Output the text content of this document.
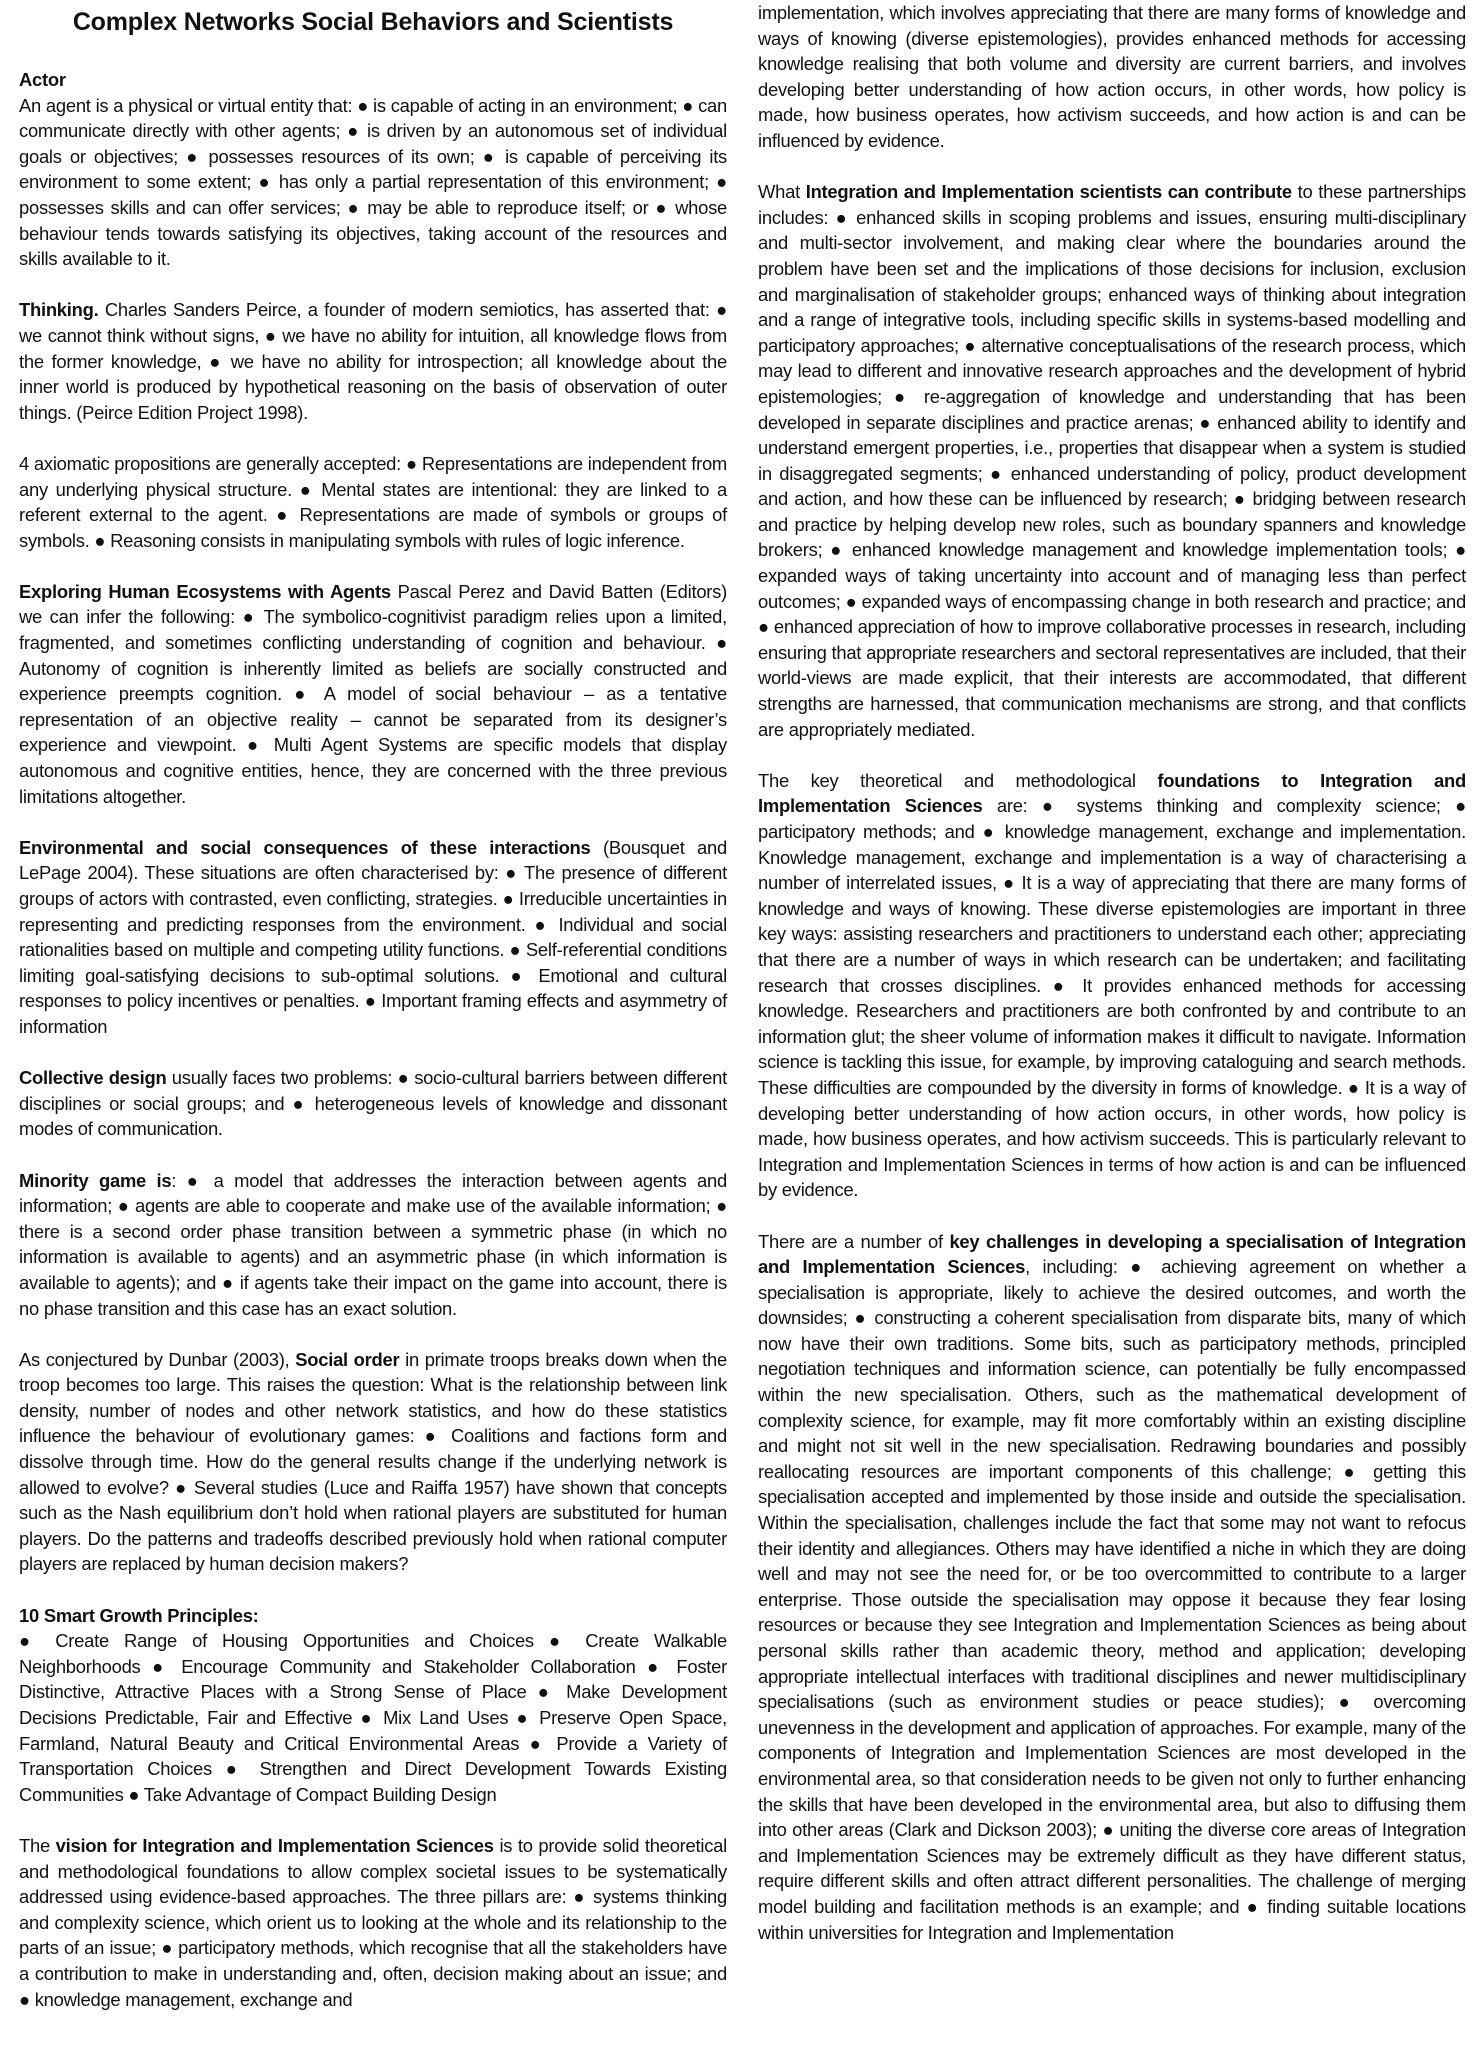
Complex Networks Social Behaviors and Scientists

Actor
An agent is a physical or virtual entity that: ● is capable of acting in an environment; ● can communicate directly with other agents; ● is driven by an autonomous set of individual goals or objectives; ● possesses resources of its own; ● is capable of perceiving its environment to some extent; ● has only a partial representation of this environment; ● possesses skills and can offer services; ● may be able to reproduce itself; or ● whose behaviour tends towards satisfying its objectives, taking account of the resources and skills available to it.

Thinking. Charles Sanders Peirce, a founder of modern semiotics, has asserted that: ● we cannot think without signs, ● we have no ability for intuition, all knowledge flows from the former knowledge, ● we have no ability for introspection; all knowledge about the inner world is produced by hypothetical reasoning on the basis of observation of outer things. (Peirce Edition Project 1998).

4 axiomatic propositions are generally accepted: ● Representations are independent from any underlying physical structure. ● Mental states are intentional: they are linked to a referent external to the agent. ● Representations are made of symbols or groups of symbols. ● Reasoning consists in manipulating symbols with rules of logic inference.

Exploring Human Ecosystems with Agents Pascal Perez and David Batten (Editors) we can infer the following: ● The symbolico-cognitivist paradigm relies upon a limited, fragmented, and sometimes conflicting understanding of cognition and behaviour. ● Autonomy of cognition is inherently limited as beliefs are socially constructed and experience preempts cognition. ● A model of social behaviour – as a tentative representation of an objective reality – cannot be separated from its designer’s experience and viewpoint. ● Multi Agent Systems are specific models that display autonomous and cognitive entities, hence, they are concerned with the three previous limitations altogether.

Environmental and social consequences of these interactions (Bousquet and LePage 2004). These situations are often characterised by: ● The presence of different groups of actors with contrasted, even conflicting, strategies. ● Irreducible uncertainties in representing and predicting responses from the environment. ● Individual and social rationalities based on multiple and competing utility functions. ● Self-referential conditions limiting goal-satisfying decisions to sub-optimal solutions. ● Emotional and cultural responses to policy incentives or penalties. ● Important framing effects and asymmetry of information

Collective design usually faces two problems: ● socio-cultural barriers between different disciplines or social groups; and ● heterogeneous levels of knowledge and dissonant modes of communication.

Minority game is: ● a model that addresses the interaction between agents and information; ● agents are able to cooperate and make use of the available information; ● there is a second order phase transition between a symmetric phase (in which no information is available to agents) and an asymmetric phase (in which information is available to agents); and ● if agents take their impact on the game into account, there is no phase transition and this case has an exact solution.

As conjectured by Dunbar (2003), Social order in primate troops breaks down when the troop becomes too large. This raises the question: What is the relationship between link density, number of nodes and other network statistics, and how do these statistics influence the behaviour of evolutionary games: ● Coalitions and factions form and dissolve through time. How do the general results change if the underlying network is allowed to evolve? ● Several studies (Luce and Raiffa 1957) have shown that concepts such as the Nash equilibrium don’t hold when rational players are substituted for human players. Do the patterns and tradeoffs described previously hold when rational computer players are replaced by human decision makers?

10 Smart Growth Principles:
● Create Range of Housing Opportunities and Choices ● Create Walkable Neighborhoods ● Encourage Community and Stakeholder Collaboration ● Foster Distinctive, Attractive Places with a Strong Sense of Place ● Make Development Decisions Predictable, Fair and Effective ● Mix Land Uses ● Preserve Open Space, Farmland, Natural Beauty and Critical Environmental Areas ● Provide a Variety of Transportation Choices ● Strengthen and Direct Development Towards Existing Communities ● Take Advantage of Compact Building Design

The vision for Integration and Implementation Sciences is to provide solid theoretical and methodological foundations to allow complex societal issues to be systematically addressed using evidence-based approaches. The three pillars are: ● systems thinking and complexity science, which orient us to looking at the whole and its relationship to the parts of an issue; ● participatory methods, which recognise that all the stakeholders have a contribution to make in understanding and, often, decision making about an issue; and ● knowledge management, exchange and

implementation, which involves appreciating that there are many forms of knowledge and ways of knowing (diverse epistemologies), provides enhanced methods for accessing knowledge realising that both volume and diversity are current barriers, and involves developing better understanding of how action occurs, in other words, how policy is made, how business operates, how activism succeeds, and how action is and can be influenced by evidence.

What Integration and Implementation scientists can contribute to these partnerships includes: ● enhanced skills in scoping problems and issues, ensuring multi-disciplinary and multi-sector involvement, and making clear where the boundaries around the problem have been set and the implications of those decisions for inclusion, exclusion and marginalisation of stakeholder groups; enhanced ways of thinking about integration and a range of integrative tools, including specific skills in systems-based modelling and participatory approaches; ● alternative conceptualisations of the research process, which may lead to different and innovative research approaches and the development of hybrid epistemologies; ● re-aggregation of knowledge and understanding that has been developed in separate disciplines and practice arenas; ● enhanced ability to identify and understand emergent properties, i.e., properties that disappear when a system is studied in disaggregated segments; ● enhanced understanding of policy, product development and action, and how these can be influenced by research; ● bridging between research and practice by helping develop new roles, such as boundary spanners and knowledge brokers; ● enhanced knowledge management and knowledge implementation tools; ● expanded ways of taking uncertainty into account and of managing less than perfect outcomes; ● expanded ways of encompassing change in both research and practice; and ● enhanced appreciation of how to improve collaborative processes in research, including ensuring that appropriate researchers and sectoral representatives are included, that their world-views are made explicit, that their interests are accommodated, that different strengths are harnessed, that communication mechanisms are strong, and that conflicts are appropriately mediated.

The key theoretical and methodological foundations to Integration and Implementation Sciences are: ● systems thinking and complexity science; ● participatory methods; and ● knowledge management, exchange and implementation. Knowledge management, exchange and implementation is a way of characterising a number of interrelated issues, ● It is a way of appreciating that there are many forms of knowledge and ways of knowing. These diverse epistemologies are important in three key ways: assisting researchers and practitioners to understand each other; appreciating that there are a number of ways in which research can be undertaken; and facilitating research that crosses disciplines. ● It provides enhanced methods for accessing knowledge. Researchers and practitioners are both confronted by and contribute to an information glut; the sheer volume of information makes it difficult to navigate. Information science is tackling this issue, for example, by improving cataloguing and search methods. These difficulties are compounded by the diversity in forms of knowledge. ● It is a way of developing better understanding of how action occurs, in other words, how policy is made, how business operates, and how activism succeeds. This is particularly relevant to Integration and Implementation Sciences in terms of how action is and can be influenced by evidence.

There are a number of key challenges in developing a specialisation of Integration and Implementation Sciences, including: ● achieving agreement on whether a specialisation is appropriate, likely to achieve the desired outcomes, and worth the downsides; ● constructing a coherent specialisation from disparate bits, many of which now have their own traditions. Some bits, such as participatory methods, principled negotiation techniques and information science, can potentially be fully encompassed within the new specialisation. Others, such as the mathematical development of complexity science, for example, may fit more comfortably within an existing discipline and might not sit well in the new specialisation. Redrawing boundaries and possibly reallocating resources are important components of this challenge; ● getting this specialisation accepted and implemented by those inside and outside the specialisation. Within the specialisation, challenges include the fact that some may not want to refocus their identity and allegiances. Others may have identified a niche in which they are doing well and may not see the need for, or be too overcommitted to contribute to a larger enterprise. Those outside the specialisation may oppose it because they fear losing resources or because they see Integration and Implementation Sciences as being about personal skills rather than academic theory, method and application; developing appropriate intellectual interfaces with traditional disciplines and newer multidisciplinary specialisations (such as environment studies or peace studies); ● overcoming unevenness in the development and application of approaches. For example, many of the components of Integration and Implementation Sciences are most developed in the environmental area, so that consideration needs to be given not only to further enhancing the skills that have been developed in the environmental area, but also to diffusing them into other areas (Clark and Dickson 2003); ● uniting the diverse core areas of Integration and Implementation Sciences may be extremely difficult as they have different status, require different skills and often attract different personalities. The challenge of merging model building and facilitation methods is an example; and ● finding suitable locations within universities for Integration and Implementation
